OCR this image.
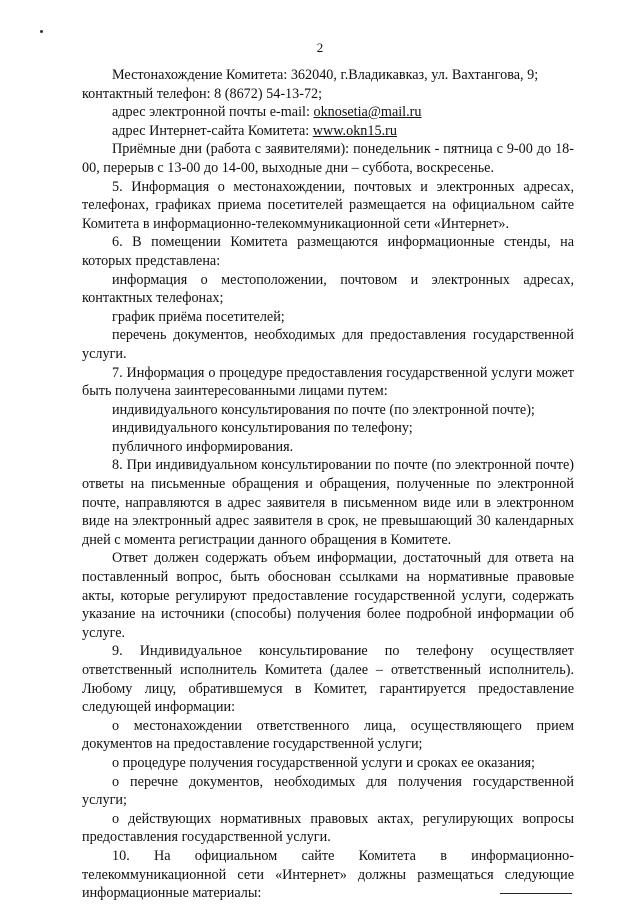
2

Местонахождение Комитета: 362040, г.Владикавказ, ул. Вахтангова, 9;

контактный телефон: 8 (8672) 54-13-72;

адрес электронной почты e-mail: oknosetia@mail.ru

адрес Интернет-сайта Комитета: www.okn15.ru

Приёмные дни (работа с заявителями): понедельник - пятница с 9-00 до 18-00, перерыв с 13-00 до 14-00, выходные дни – суббота, воскресенье.

5. Информация о местонахождении, почтовых и электронных адресах, телефонах, графиках приема посетителей размещается на официальном сайте Комитета в информационно-телекоммуникационной сети «Интернет».

6. В помещении Комитета размещаются информационные стенды, на которых представлена:

информация о местоположении, почтовом и электронных адресах, контактных телефонах;

график приёма посетителей;

перечень документов, необходимых для предоставления государственной услуги.

7. Информация о процедуре предоставления государственной услуги может быть получена заинтересованными лицами путем:

индивидуального консультирования по почте (по электронной почте);

индивидуального консультирования по телефону;

публичного информирования.

8. При индивидуальном консультировании по почте (по электронной почте) ответы на письменные обращения и обращения, полученные по электронной почте, направляются в адрес заявителя в письменном виде или в электронном виде на электронный адрес заявителя в срок, не превышающий 30 календарных дней с момента регистрации данного обращения в Комитете.

Ответ должен содержать объем информации, достаточный для ответа на поставленный вопрос, быть обоснован ссылками на нормативные правовые акты, которые регулируют предоставление государственной услуги, содержать указание на источники (способы) получения более подробной информации об услуге.

9. Индивидуальное консультирование по телефону осуществляет ответственный исполнитель Комитета (далее – ответственный исполнитель). Любому лицу, обратившемуся в Комитет, гарантируется предоставление следующей информации:

о местонахождении ответственного лица, осуществляющего прием документов на предоставление государственной услуги;

о процедуре получения государственной услуги и сроках ее оказания;

о перечне документов, необходимых для получения государственной услуги;

о действующих нормативных правовых актах, регулирующих вопросы предоставления государственной услуги.

10. На официальном сайте Комитета в информационно-телекоммуникационной сети «Интернет» должны размещаться следующие информационные материалы:
